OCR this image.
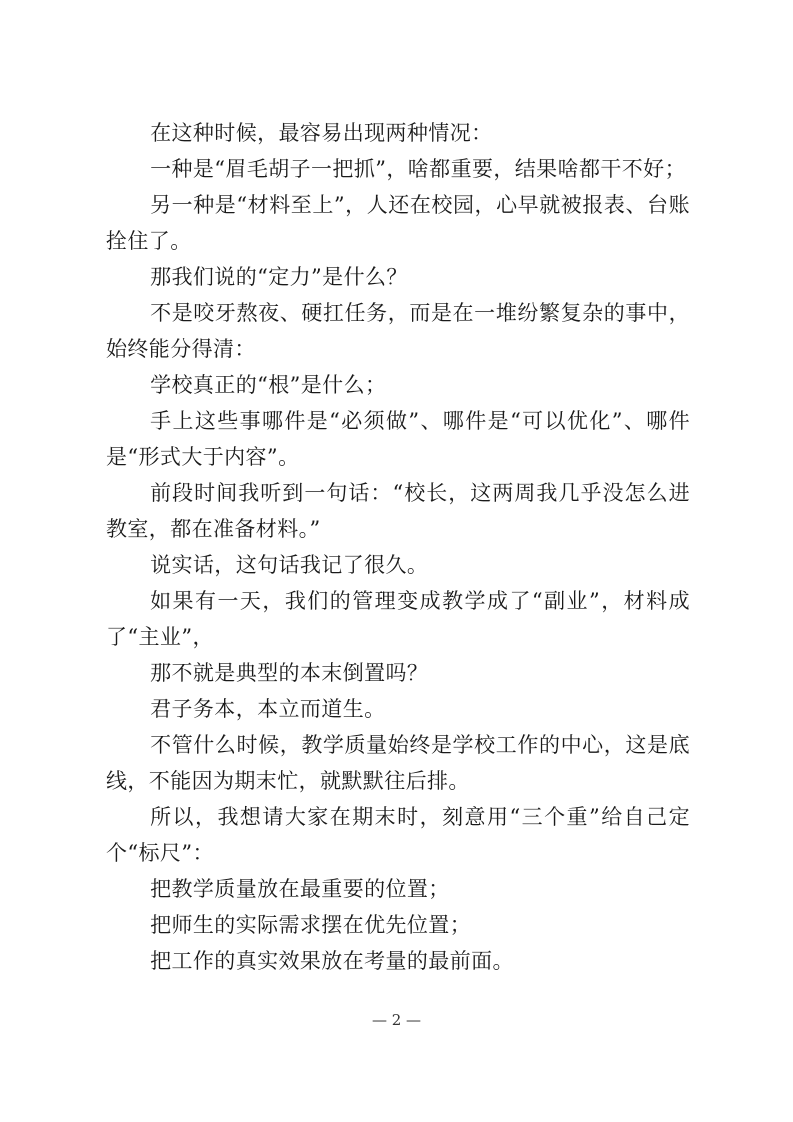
在这种时候，最容易出现两种情况：

一种是“眉毛胡子一把抓”，啥都重要，结果啥都干不好；

另一种是“材料至上”，人还在校园，心早就被报表、台账拴住了。

那我们说的“定力”是什么？

不是咬牙熬夜、硬扛任务，而是在一堆纷繁复杂的事中，始终能分得清：

学校真正的“根”是什么；

手上这些事哪件是“必须做”、哪件是“可以优化”、哪件是“形式大于内容”。

前段时间我听到一句话：“校长，这两周我几乎没怎么进教室，都在准备材料。”

说实话，这句话我记了很久。

如果有一天，我们的管理变成教学成了“副业”，材料成了“主业”，

那不就是典型的本末倒置吗？

君子务本，本立而道生。

不管什么时候，教学质量始终是学校工作的中心，这是底线，不能因为期末忙，就默默往后排。

所以，我想请大家在期末时，刻意用“三个重”给自己定个“标尺”：

把教学质量放在最重要的位置；

把师生的实际需求摆在优先位置；

把工作的真实效果放在考量的最前面。

— 2 —
